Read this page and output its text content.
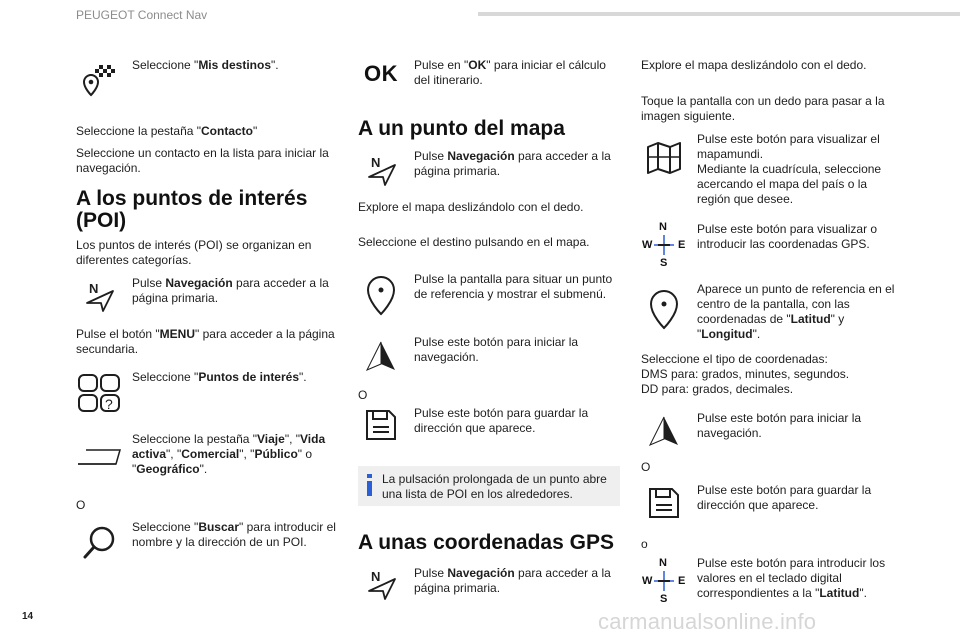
PEUGEOT Connect Nav
Seleccione "Mis destinos".
Seleccione la pestaña "Contacto"
Seleccione un contacto en la lista para iniciar la navegación.
A los puntos de interés (POI)
Los puntos de interés (POI) se organizan en diferentes categorías.
N	Pulse Navegación para acceder a la página primaria.
Pulse el botón "MENU" para acceder a la página secundaria.
?
Seleccione "Puntos de interés".
Seleccione la pestaña "Viaje", "Vida activa", "Comercial", "Público" o "Geográfico".
O
Seleccione "Buscar" para introducir el nombre y la dirección de un POI.
OK Pulse en "OK" para iniciar el cálculo del itinerario.
A un punto del mapa
N	Pulse Navegación para acceder a la página primaria.
Explore el mapa deslizándolo con el dedo.
Seleccione el destino pulsando en el mapa.
Pulse la pantalla para situar un punto de referencia y mostrar el submenú.
Pulse este botón para iniciar la navegación.
O
Pulse este botón para guardar la dirección que aparece.
La pulsación prolongada de un punto abre una lista de POI en los alrededores.
A unas coordenadas GPS
N	Pulse Navegación para acceder a la página primaria.
Explore el mapa deslizándolo con el dedo.
Toque la pantalla con un dedo para pasar a la imagen siguiente.
Pulse este botón para visualizar el mapamundi.
Mediante la cuadrícula, seleccione acercando el mapa del país o la región que desee.
N
W E
S
Pulse este botón para visualizar o introducir las coordenadas GPS.
Aparece un punto de referencia en el centro de la pantalla, con las coordenadas de "Latitud" y "Longitud".
Seleccione el tipo de coordenadas:
DMS para: grados, minutes, segundos.
DD para: grados, decimales.
Pulse este botón para iniciar la navegación.
O
Pulse este botón para guardar la dirección que aparece.
o
N
W E
S
Pulse este botón para introducir los valores en el teclado digital correspondientes a la "Latitud".
14	carmanualsonline.info
